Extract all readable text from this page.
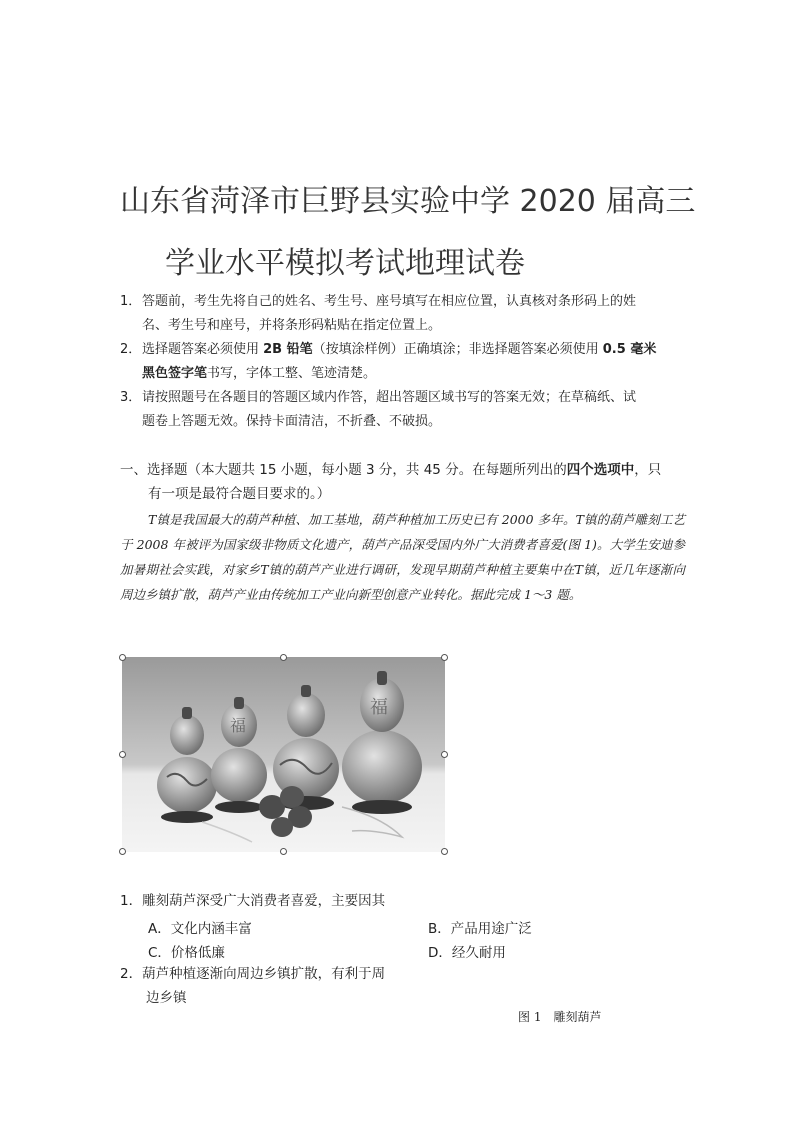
山东省菏泽市巨野县实验中学 2020 届高三
学业水平模拟考试地理试卷
1．答题前，考生先将自己的姓名、考生号、座号填写在相应位置，认真核对条形码上的姓
名、考生号和座号，并将条形码粘贴在指定位置上。
2．选择题答案必须使用 2B 铅笔（按填涂样例）正确填涂；非选择题答案必须使用 0.5 毫米
黑色签字笔书写，字体工整、笔迹清楚。
3．请按照题号在各题目的答题区域内作答，超出答题区域书写的答案无效；在草稿纸、试
题卷上答题无效。保持卡面清洁，不折叠、不破损。
一、选择题（本大题共 15 小题，每小题 3 分，共 45 分。在每题所列出的四个选项中，只
有一项是最符合题目要求的。）
T镇是我国最大的葫芦种植、加工基地，葫芦种植加工历史已有 2000 多年。T镇的葫芦雕刻工艺于 2008 年被评为国家级非物质文化遗产，葫芦产品深受国内外广大消费者喜爱(图 1)。大学生安迪参加暑期社会实践，对家乡T镇的葫芦产业进行调研，发现早期葫芦种植主要集中在T镇，近几年逐渐向周边乡镇扩散，葫芦产业由传统加工产业向新型创意产业转化。据此完成 1～3 题。
福
福
1．雕刻葫芦深受广大消费者喜爱，主要因其
A．文化内涵丰富	B．产品用途广泛
C．价格低廉	D．经久耐用
2．葫芦种植逐渐向周边乡镇扩散，有利于周
边乡镇
图 1　雕刻葫芦
